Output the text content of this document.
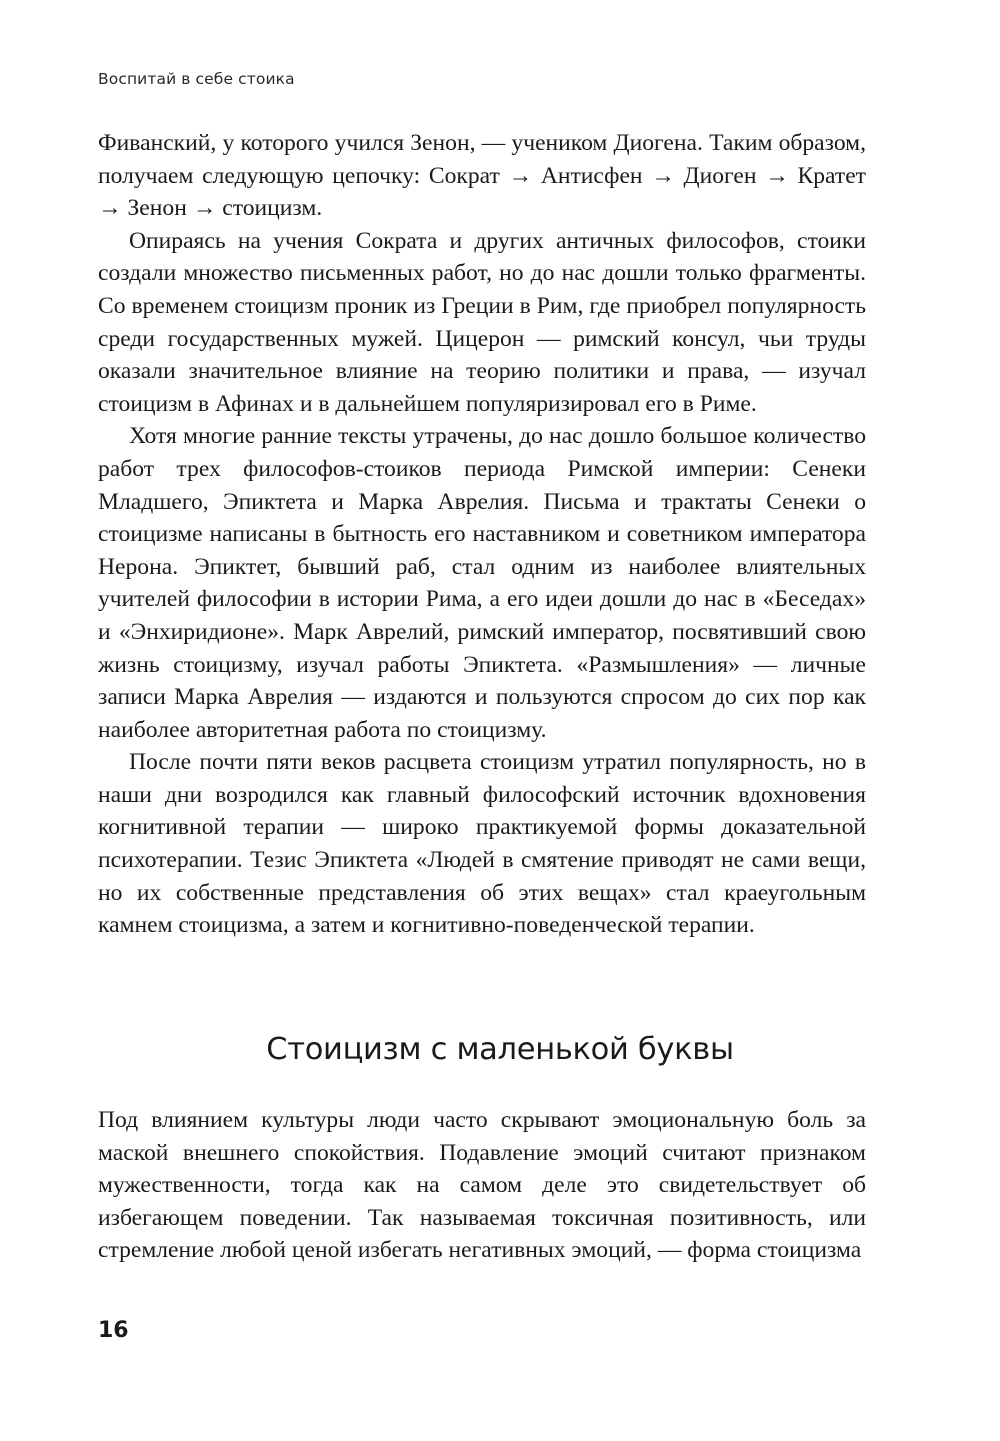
Воспитай в себе стоика

Фиванский, у которого учился Зенон, — учеником Диогена. Таким образом, получаем следующую цепочку: Сократ → Антисфен → Диоген → Кратет → Зенон → стоицизм.

Опираясь на учения Сократа и других античных философов, стоики создали множество письменных работ, но до нас дошли только фрагменты. Со временем стоицизм проник из Греции в Рим, где приобрел популярность среди государственных мужей. Цицерон — римский консул, чьи труды оказали значительное влияние на теорию политики и права, — изучал стоицизм в Афинах и в дальнейшем популяризировал его в Риме.

Хотя многие ранние тексты утрачены, до нас дошло большое количество работ трех философов-стоиков периода Римской империи: Сенеки Младшего, Эпиктета и Марка Аврелия. Письма и трактаты Сенеки о стоицизме написаны в бытность его наставником и советником императора Нерона. Эпиктет, бывший раб, стал одним из наиболее влиятельных учителей философии в истории Рима, а его идеи дошли до нас в «Беседах» и «Энхиридионе». Марк Аврелий, римский император, посвятивший свою жизнь стоицизму, изучал работы Эпиктета. «Размышления» — личные записи Марка Аврелия — издаются и пользуются спросом до сих пор как наиболее авторитетная работа по стоицизму.

После почти пяти веков расцвета стоицизм утратил популярность, но в наши дни возродился как главный философский источник вдохновения когнитивной терапии — широко практикуемой формы доказательной психотерапии. Тезис Эпиктета «Людей в смятение приводят не сами вещи, но их собственные представления об этих вещах» стал краеугольным камнем стоицизма, а затем и когнитивно-поведенческой терапии.

Стоицизм с маленькой буквы

Под влиянием культуры люди часто скрывают эмоциональную боль за маской внешнего спокойствия. Подавление эмоций считают признаком мужественности, тогда как на самом деле это свидетельствует об избегающем поведении. Так называемая токсичная позитивность, или стремление любой ценой избегать негативных эмоций, — форма стоицизма

16
